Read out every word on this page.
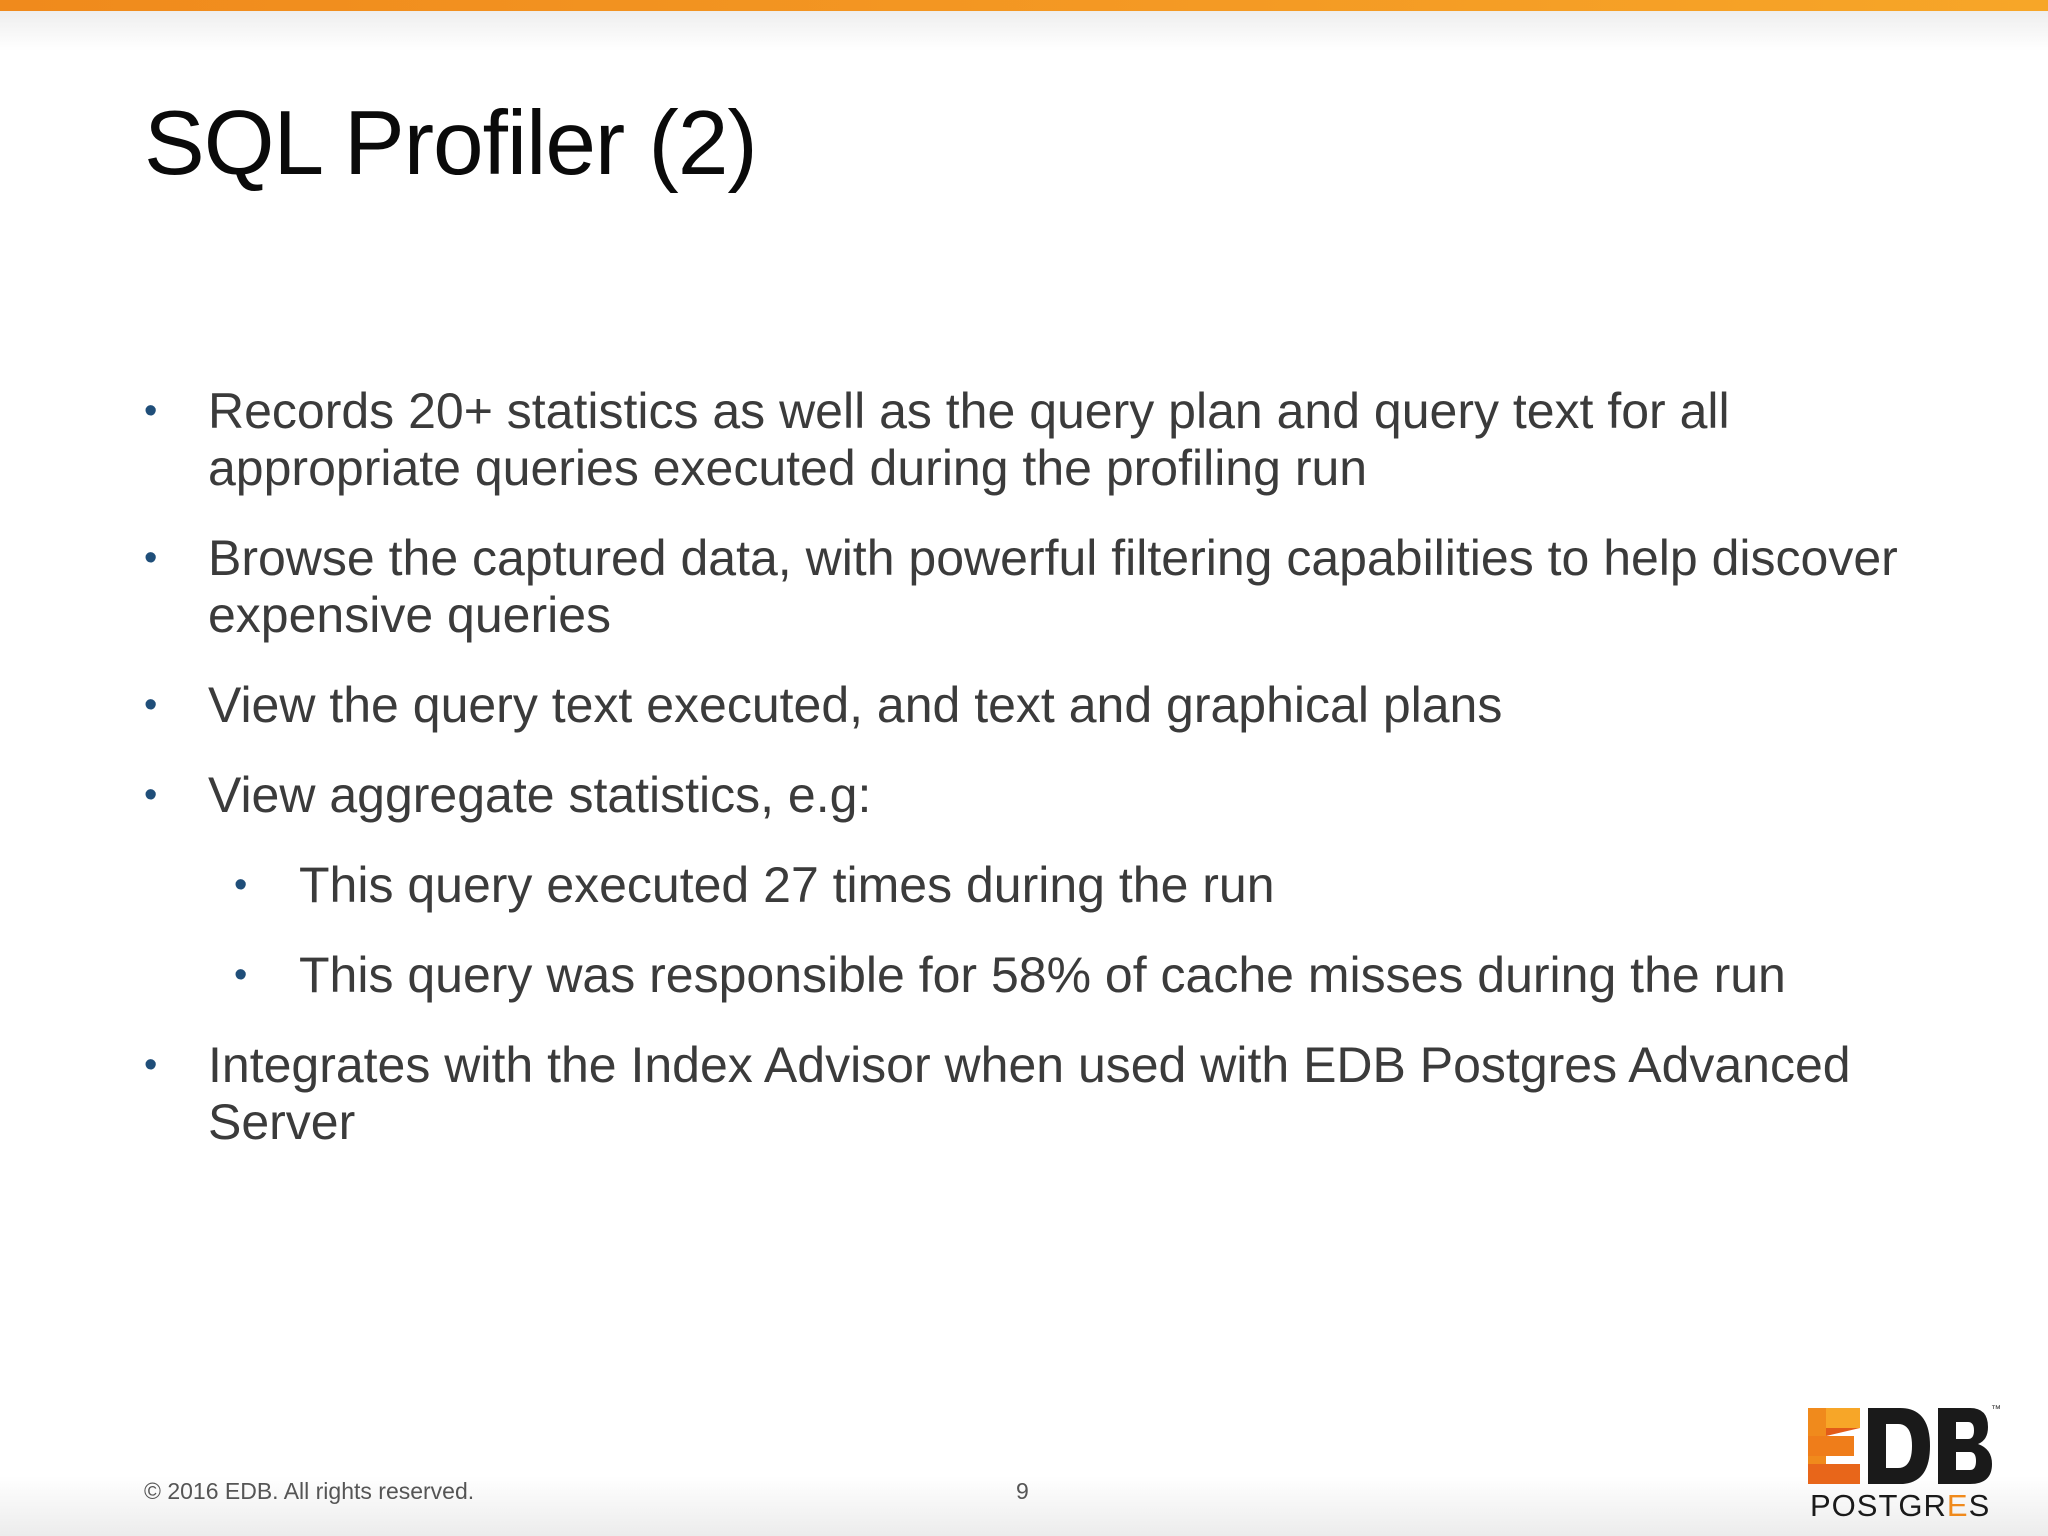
SQL Profiler (2)
• Records 20+ statistics as well as the query plan and query text for all appropriate queries executed during the profiling run
• Browse the captured data, with powerful filtering capabilities to help discover expensive queries
• View the query text executed, and text and graphical plans
• View aggregate statistics, e.g:
• This query executed 27 times during the run
• This query was responsible for 58% of cache misses during the run
• Integrates with the Index Advisor when used with EDB Postgres Advanced Server
© 2016 EDB. All rights reserved.	9
™
POSTGRES
